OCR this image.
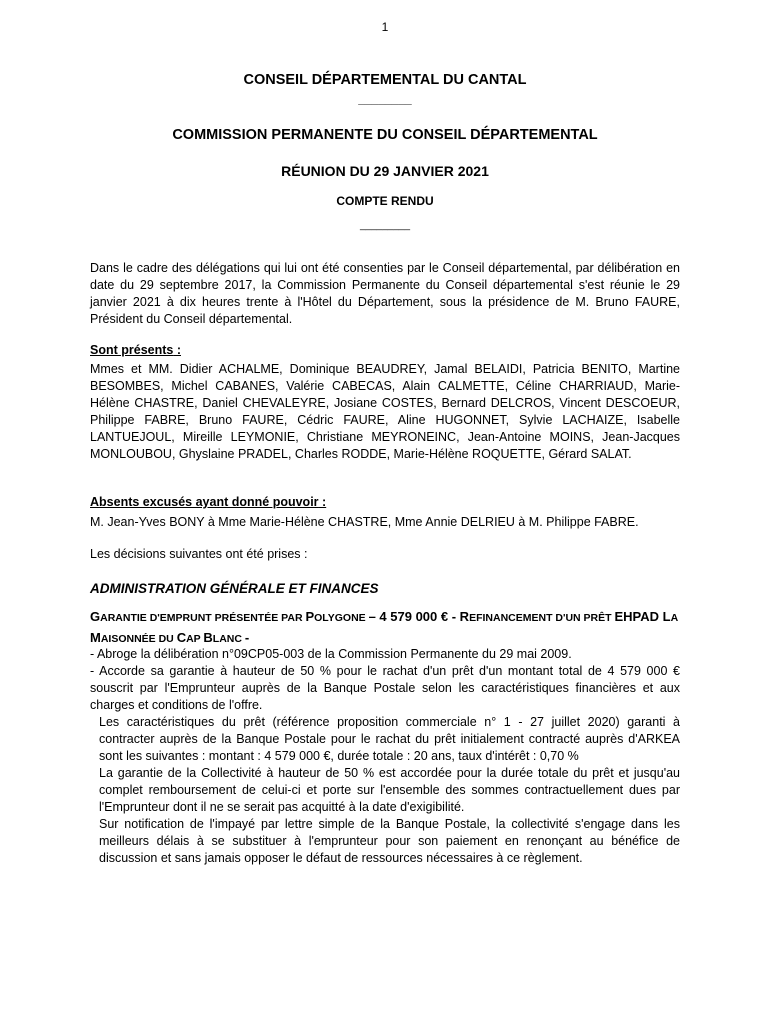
1
CONSEIL DÉPARTEMENTAL DU CANTAL
________
COMMISSION PERMANENTE DU CONSEIL DÉPARTEMENTAL
RÉUNION DU 29 JANVIER 2021
COMPTE RENDU
_________
Dans le cadre des délégations qui lui ont été consenties par le Conseil départemental, par délibération en date du 29 septembre 2017, la Commission Permanente du Conseil départemental s'est réunie le 29 janvier 2021 à dix heures trente à l'Hôtel du Département, sous la présidence de M. Bruno FAURE, Président du Conseil départemental.
Sont présents :
Mmes et MM. Didier ACHALME, Dominique BEAUDREY, Jamal BELAIDI, Patricia BENITO, Martine BESOMBES, Michel CABANES, Valérie CABECAS, Alain CALMETTE, Céline CHARRIAUD, Marie-Hélène CHASTRE, Daniel CHEVALEYRE, Josiane COSTES, Bernard DELCROS, Vincent DESCOEUR, Philippe FABRE, Bruno FAURE, Cédric FAURE, Aline HUGONNET, Sylvie LACHAIZE, Isabelle LANTUEJOUL, Mireille LEYMONIE, Christiane MEYRONEINC, Jean-Antoine MOINS, Jean-Jacques MONLOUBOU, Ghyslaine PRADEL, Charles RODDE, Marie-Hélène ROQUETTE, Gérard SALAT.
Absents excusés ayant donné pouvoir :
M. Jean-Yves BONY à Mme Marie-Hélène CHASTRE, Mme Annie DELRIEU à M. Philippe FABRE.
Les décisions suivantes ont été prises :
ADMINISTRATION GÉNÉRALE ET FINANCES
GARANTIE D'EMPRUNT PRÉSENTÉE PAR POLYGONE – 4 579 000 € - REFINANCEMENT D'UN PRÊT EHPAD LA
MAISONNÉE DU CAP BLANC -

- Abroge la délibération n°09CP05-003 de la Commission Permanente du 29 mai 2009.

- Accorde sa garantie à hauteur de 50 % pour le rachat d'un prêt d'un montant total de 4 579 000 € souscrit par l'Emprunteur auprès de la Banque Postale selon les caractéristiques financières et aux charges et conditions de l'offre.

Les caractéristiques du prêt (référence proposition commerciale n° 1 - 27 juillet 2020) garanti à contracter auprès de la Banque Postale pour le rachat du prêt initialement contracté auprès d'ARKEA sont les suivantes : montant : 4 579 000 €, durée totale : 20 ans, taux d'intérêt : 0,70 %

La garantie de la Collectivité à hauteur de 50 % est accordée pour la durée totale du prêt et jusqu'au complet remboursement de celui-ci et porte sur l'ensemble des sommes contractuellement dues par l'Emprunteur dont il ne se serait pas acquitté à la date d'exigibilité.

Sur notification de l'impayé par lettre simple de la Banque Postale, la collectivité s'engage dans les meilleurs délais à se substituer à l'emprunteur pour son paiement en renonçant au bénéfice de discussion et sans jamais opposer le défaut de ressources nécessaires à ce règlement.
